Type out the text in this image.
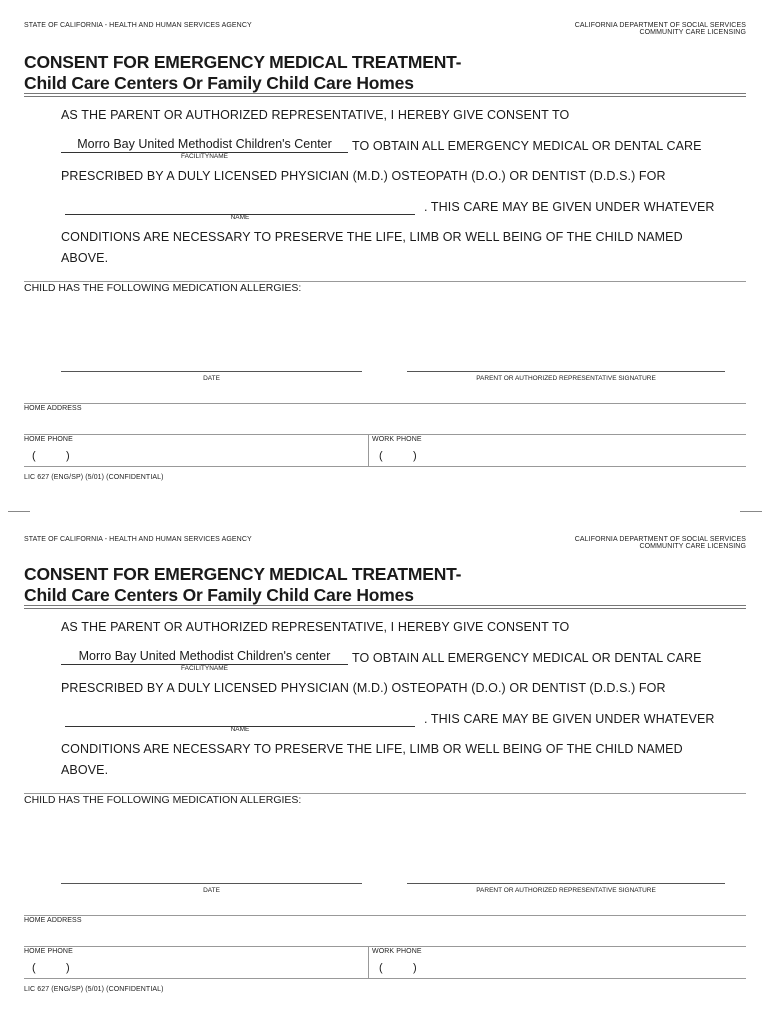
STATE OF CALIFORNIA - HEALTH AND HUMAN SERVICES AGENCY	CALIFORNIA DEPARTMENT OF SOCIAL SERVICES
COMMUNITY CARE LICENSING
CONSENT FOR EMERGENCY MEDICAL TREATMENT-
Child Care Centers Or Family Child Care Homes
AS THE PARENT OR AUTHORIZED REPRESENTATIVE, I HEREBY GIVE CONSENT TO
Morro Bay United Methodist Children's Center
FACILITYNAME
TO OBTAIN ALL EMERGENCY MEDICAL OR DENTAL CARE
PRESCRIBED BY A DULY LICENSED PHYSICIAN (M.D.) OSTEOPATH (D.O.) OR DENTIST (D.D.S.) FOR
NAME
. THIS CARE MAY BE GIVEN UNDER WHATEVER
CONDITIONS ARE NECESSARY TO PRESERVE THE LIFE, LIMB OR WELL BEING OF THE CHILD NAMED
ABOVE.
CHILD HAS THE FOLLOWING MEDICATION ALLERGIES:
DATE	PARENT OR AUTHORIZED REPRESENTATIVE SIGNATURE
HOME ADDRESS
HOME PHONE
(	)
WORK PHONE
(	)
LIC 627 (ENG/SP) (5/01) (CONFIDENTIAL)
STATE OF CALIFORNIA - HEALTH AND HUMAN SERVICES AGENCY	CALIFORNIA DEPARTMENT OF SOCIAL SERVICES
COMMUNITY CARE LICENSING
CONSENT FOR EMERGENCY MEDICAL TREATMENT-
Child Care Centers Or Family Child Care Homes
AS THE PARENT OR AUTHORIZED REPRESENTATIVE, I HEREBY GIVE CONSENT TO
Morro Bay United Methodist Children's center
FACILITYNAME
TO OBTAIN ALL EMERGENCY MEDICAL OR DENTAL CARE
PRESCRIBED BY A DULY LICENSED PHYSICIAN (M.D.) OSTEOPATH (D.O.) OR DENTIST (D.D.S.) FOR
NAME
. THIS CARE MAY BE GIVEN UNDER WHATEVER
CONDITIONS ARE NECESSARY TO PRESERVE THE LIFE, LIMB OR WELL BEING OF THE CHILD NAMED
ABOVE.
CHILD HAS THE FOLLOWING MEDICATION ALLERGIES:
DATE	PARENT OR AUTHORIZED REPRESENTATIVE SIGNATURE
HOME ADDRESS
HOME PHONE
(	)
WORK PHONE
(	)
LIC 627 (ENG/SP) (5/01) (CONFIDENTIAL)
